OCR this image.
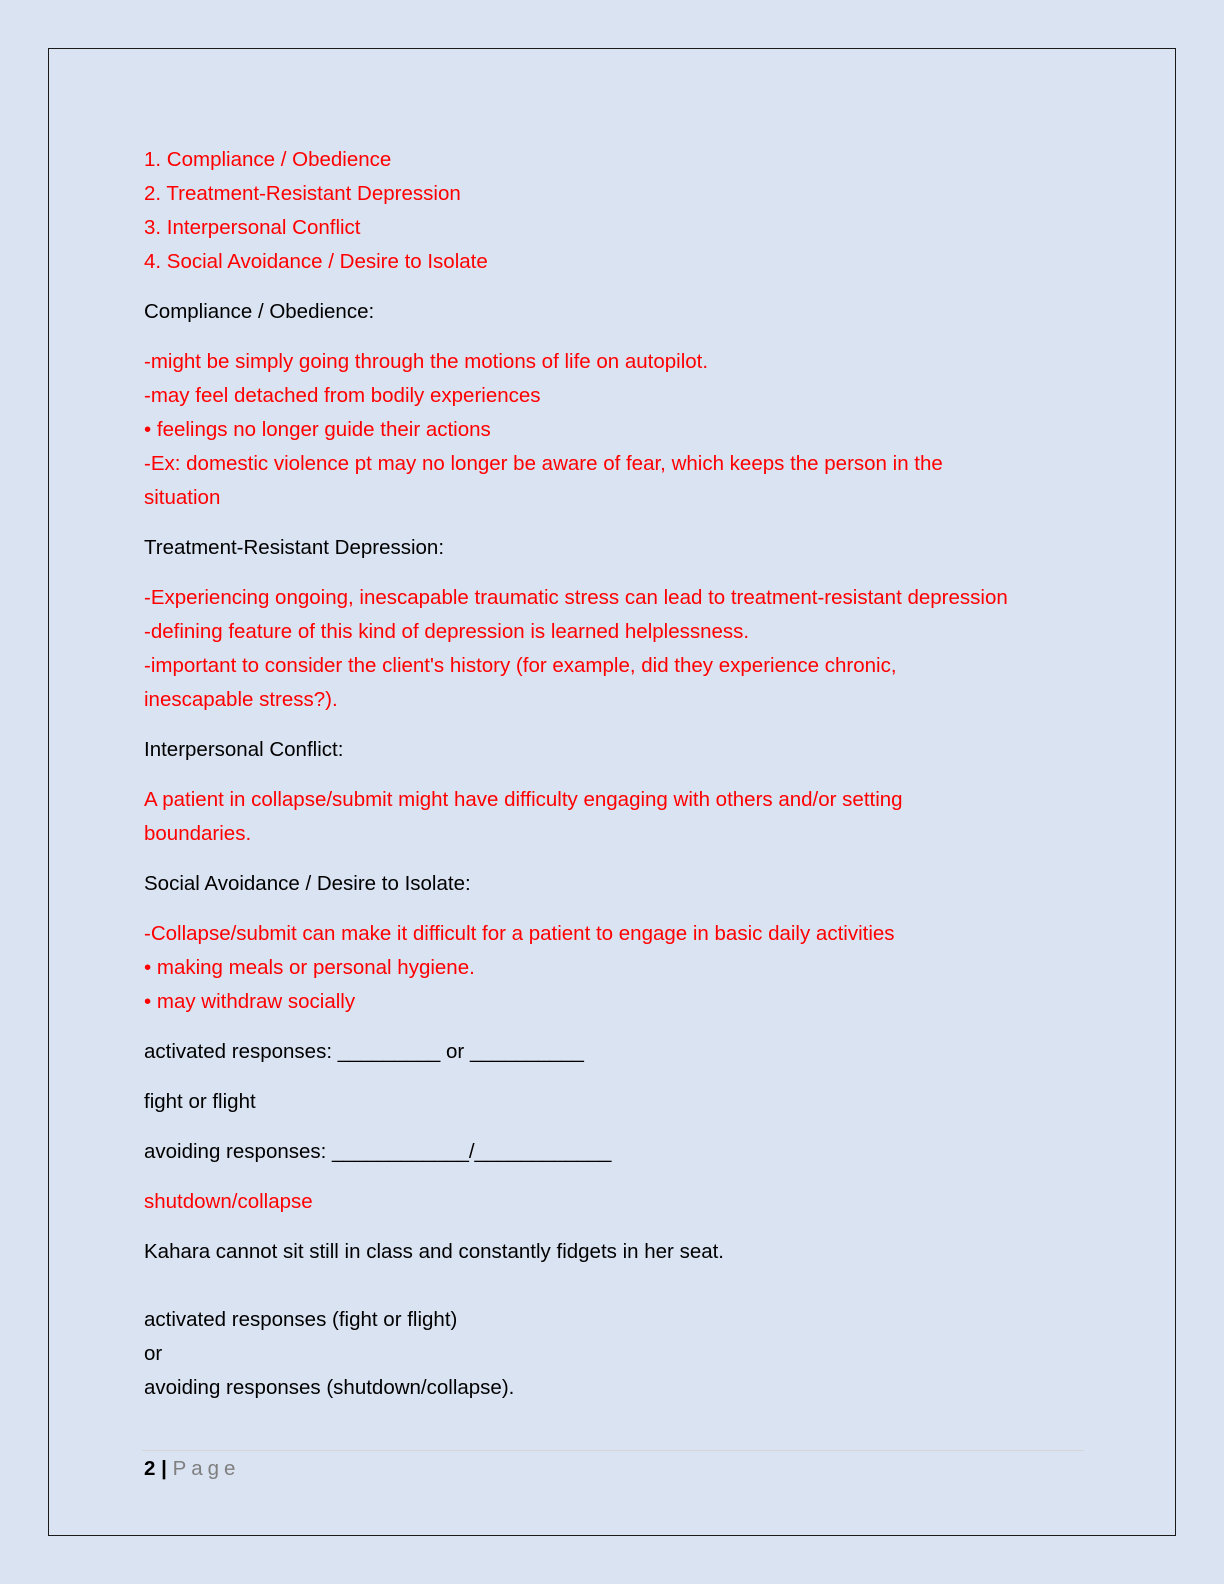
1. Compliance / Obedience
2. Treatment-Resistant Depression
3. Interpersonal Conflict
4. Social Avoidance / Desire to Isolate
Compliance / Obedience:
-might be simply going through the motions of life on autopilot.
-may feel detached from bodily experiences
• feelings no longer guide their actions
-Ex: domestic violence pt may no longer be aware of fear, which keeps the person in the
situation
Treatment-Resistant Depression:
-Experiencing ongoing, inescapable traumatic stress can lead to treatment-resistant depression
-defining feature of this kind of depression is learned helplessness.
-important to consider the client's history (for example, did they experience chronic,
inescapable stress?).
Interpersonal Conflict:
A patient in collapse/submit might have difficulty engaging with others and/or setting
boundaries.
Social Avoidance / Desire to Isolate:
-Collapse/submit can make it difficult for a patient to engage in basic daily activities
• making meals or personal hygiene.
• may withdraw socially
activated responses: _________ or __________
fight or flight
avoiding responses: ____________/____________
shutdown/collapse
Kahara cannot sit still in class and constantly fidgets in her seat.
activated responses (fight or flight)
or
avoiding responses (shutdown/collapse).
2 | Page
